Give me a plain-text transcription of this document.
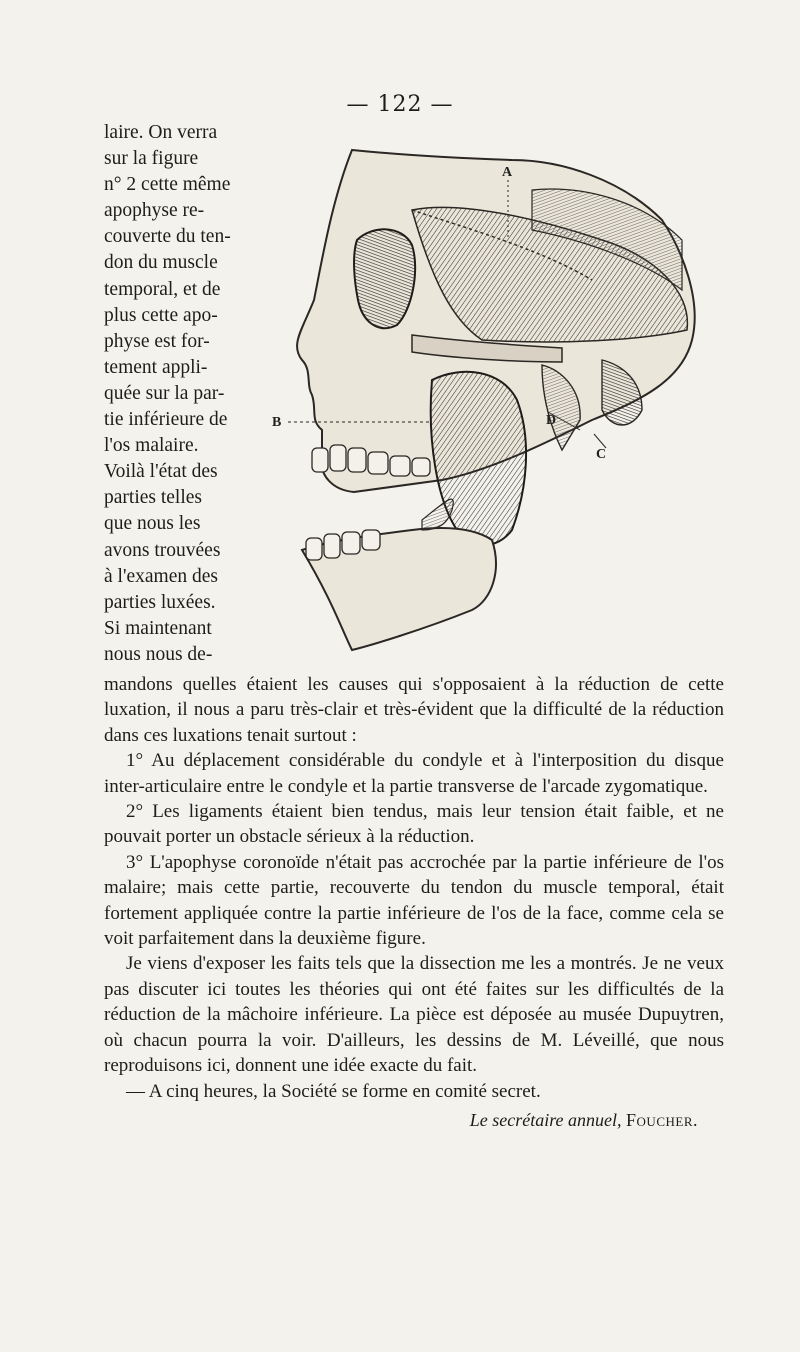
— 122 —
A
B
C
D
laire. On verra
sur la figure
n° 2 cette même
apophyse re-
couverte du ten-
don du muscle
temporal, et de
plus cette apo-
physe est for-
tement appli-
quée sur la par-
tie inférieure de
l'os malaire.
Voilà l'état des
parties telles
que nous les
avons trouvées
à l'examen des
parties luxées.
Si maintenant
nous nous de-

mandons quelles étaient les causes qui s'opposaient à la réduction de cette luxation, il nous a paru très-clair et très-évident que la difficulté de la réduction dans ces luxations tenait surtout :

1° Au déplacement considérable du condyle et à l'interposition du disque inter-articulaire entre le condyle et la partie transverse de l'arcade zygomatique.

2° Les ligaments étaient bien tendus, mais leur tension était faible, et ne pouvait porter un obstacle sérieux à la réduction.

3° L'apophyse coronoïde n'était pas accrochée par la partie inférieure de l'os malaire; mais cette partie, recouverte du tendon du muscle temporal, était fortement appliquée contre la partie inférieure de l'os de la face, comme cela se voit parfaitement dans la deuxième figure.

Je viens d'exposer les faits tels que la dissection me les a montrés. Je ne veux pas discuter ici toutes les théories qui ont été faites sur les difficultés de la réduction de la mâchoire inférieure. La pièce est déposée au musée Dupuytren, où chacun pourra la voir. D'ailleurs, les dessins de M. Léveillé, que nous reproduisons ici, donnent une idée exacte du fait.

— A cinq heures, la Société se forme en comité secret.

Le secrétaire annuel, Foucher.
